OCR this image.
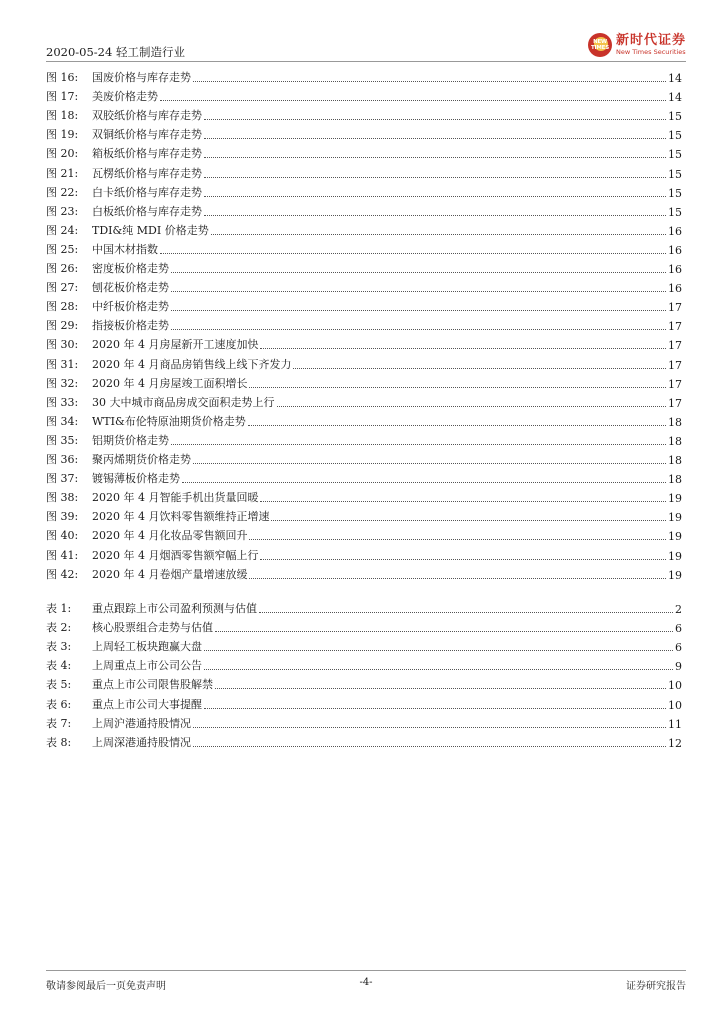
2020-05-24 轻工制造行业
NEW TIMES 新时代证券
New Times Securities
图 16:	国废价格与库存走势	14
图 17:	美废价格走势	14
图 18:	双胶纸价格与库存走势	15
图 19:	双铜纸价格与库存走势	15
图 20:	箱板纸价格与库存走势	15
图 21:	瓦楞纸价格与库存走势	15
图 22:	白卡纸价格与库存走势	15
图 23:	白板纸价格与库存走势	15
图 24:	TDI&纯 MDI 价格走势	16
图 25:	中国木材指数	16
图 26:	密度板价格走势	16
图 27:	刨花板价格走势	16
图 28:	中纤板价格走势	17
图 29:	指接板价格走势	17
图 30:	2020 年 4 月房屋新开工速度加快	17
图 31:	2020 年 4 月商品房销售线上线下齐发力	17
图 32:	2020 年 4 月房屋竣工面积增长	17
图 33:	30 大中城市商品房成交面积走势上行	17
图 34:	WTI&布伦特原油期货价格走势	18
图 35:	铝期货价格走势	18
图 36:	聚丙烯期货价格走势	18
图 37:	镀锡薄板价格走势	18
图 38:	2020 年 4 月智能手机出货量回暖	19
图 39:	2020 年 4 月饮料零售额维持正增速	19
图 40:	2020 年 4 月化妆品零售额回升	19
图 41:	2020 年 4 月烟酒零售额窄幅上行	19
图 42:	2020 年 4 月卷烟产量增速放缓	19
表 1:	重点跟踪上市公司盈利预测与估值	2
表 2:	核心股票组合走势与估值	6
表 3:	上周轻工板块跑赢大盘	6
表 4:	上周重点上市公司公告	9
表 5:	重点上市公司限售股解禁	10
表 6:	重点上市公司大事提醒	10
表 7:	上周沪港通持股情况	11
表 8:	上周深港通持股情况	12
敬请参阅最后一页免责声明	-4-	证券研究报告
